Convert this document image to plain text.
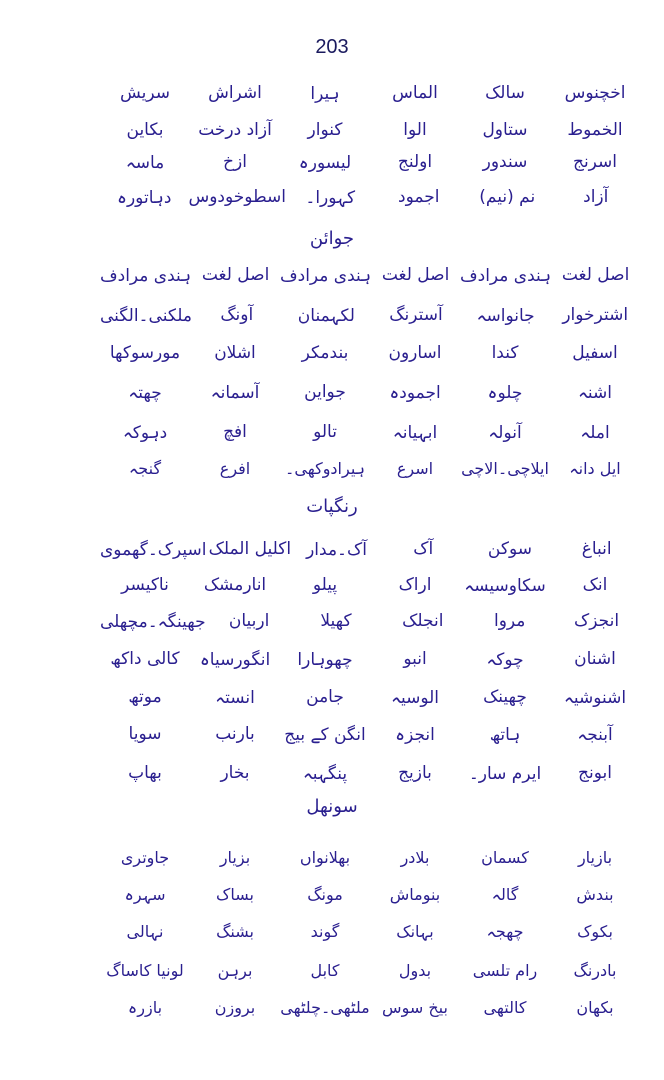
203
اخچنوس
سالک
الماس
ہیرا
اشراش
سریش
الخموط
ستاول
الوا
کنوار
آزاد درخت
بکاین
اسرنج
سندور
اولنج
لیسورہ
ازخ
ماسہ
آزاد
نم (نیم)
اجمود
کہورا۔
اسطوخودوس
دہاتورہ
جوائن
اصل لغت
ہندی مرادف
اصل لغت
ہندی مرادف
اصل لغت
ہندی مرادف
اشترخوار
جانواسہ
آسترنگ
لکہمنان
آونگ
ملکنی۔الگنی
اسفیل
کندا
اسارون
بندمکر
اشلان
مورسوکھا
اشنہ
چلوہ
اجمودہ
جواین
آسمانہ
چھتہ
املہ
آنولہ
ابہیانہ
تالو
افچ
دہوکہ
ایل دانہ
ایلاچی۔الاچی
اسرع
ہیرادوکھی۔
افرع
گنجہ
رنگپات
انباغ
سوکن
آک
آک۔مدار
اکلیل الملک
اسپرک۔گھموی
انک
سکاوسیسہ
اراک
پیلو
انارمشک
ناکیسر
انجزک
مروا
انجلک
کھیلا
اربیان
جھینگہ۔مچھلی
اشنان
چوکہ
انبو
چھوہارا
انگورسیاہ
کالی داکھ
اشنوشیہ
چھینک
الوسیہ
جامن
انستہ
موتھ
آبنجہ
ہاتھ
انجزہ
انگن کے بیج
بارنب
سویا
ابونج
ایرم سار۔
بازیج
پنگہبہ
بخار
بھاپ
سونھل
بازیار
کسمان
بلادر
بھلانواں
بزیار
جاوتری
بندش
گالہ
بنوماش
مونگ
بساک
سہرہ
بکوک
چھجہ
بہانک
گوند
بشنگ
نہالی
بادرنگ
رام تلسی
بدول
کابل
برہن
لونیا کاساگ
بکھان
کالتھی
بیخ سوس
ملٹھی۔چلٹھی
بروزن
بازرہ
